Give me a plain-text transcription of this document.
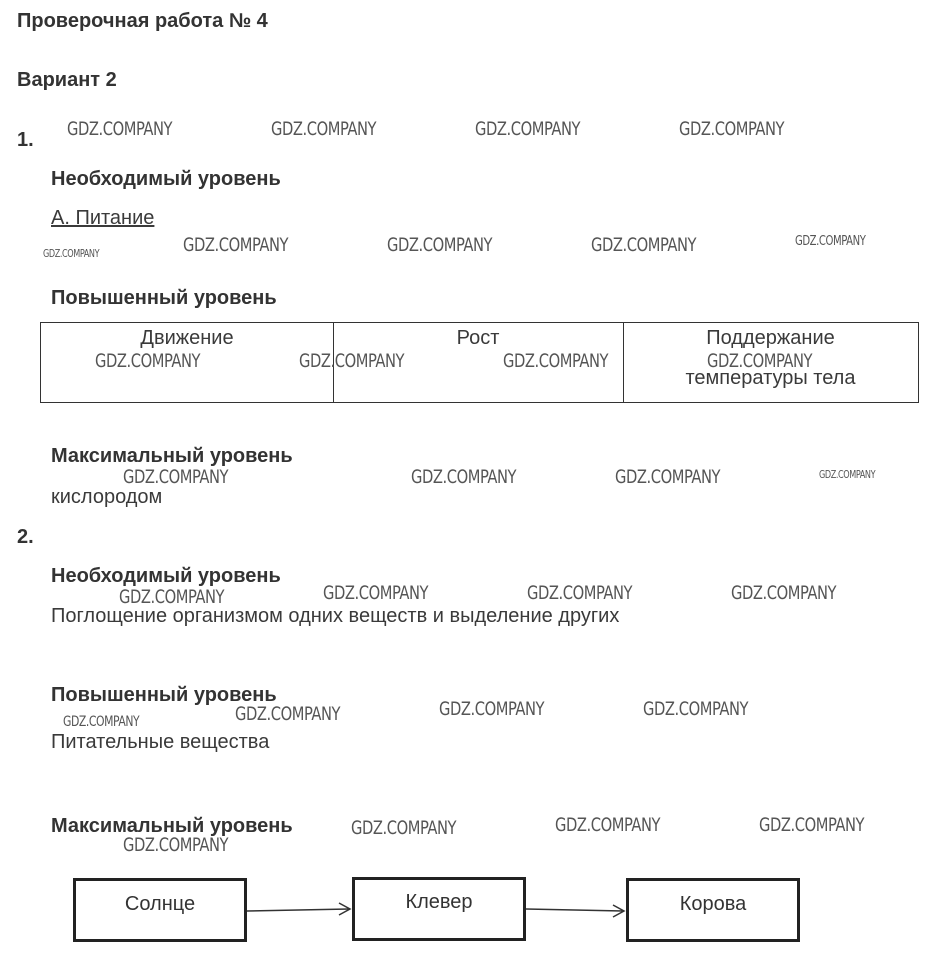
Проверочная работа № 4
Вариант 2
1.
Необходимый уровень
А. Питание
Повышенный уровень
Движение	Рост	Поддержание
температуры тела
Максимальный уровень
кислородом
2.
Необходимый уровень
Поглощение организмом одних веществ и выделение других
Повышенный уровень
Питательные вещества
Максимальный уровень
Солнце	Клевер	Корова
GDZ.COMPANY	GDZ.COMPANY	GDZ.COMPANY	GDZ.COMPANY
GDZ.COMPANY	GDZ.COMPANY	GDZ.COMPANY	GDZ.COMPANY	GDZ.COMPANY
GDZ.COMPANY	GDZ.COMPANY	GDZ.COMPANY	GDZ.COMPANY
GDZ.COMPANY	GDZ.COMPANY	GDZ.COMPANY	GDZ.COMPANY
GDZ.COMPANY	GDZ.COMPANY	GDZ.COMPANY	GDZ.COMPANY
GDZ.COMPANY	GDZ.COMPANY	GDZ.COMPANY	GDZ.COMPANY
GDZ.COMPANY
GDZ.COMPANY	GDZ.COMPANY	GDZ.COMPANY
